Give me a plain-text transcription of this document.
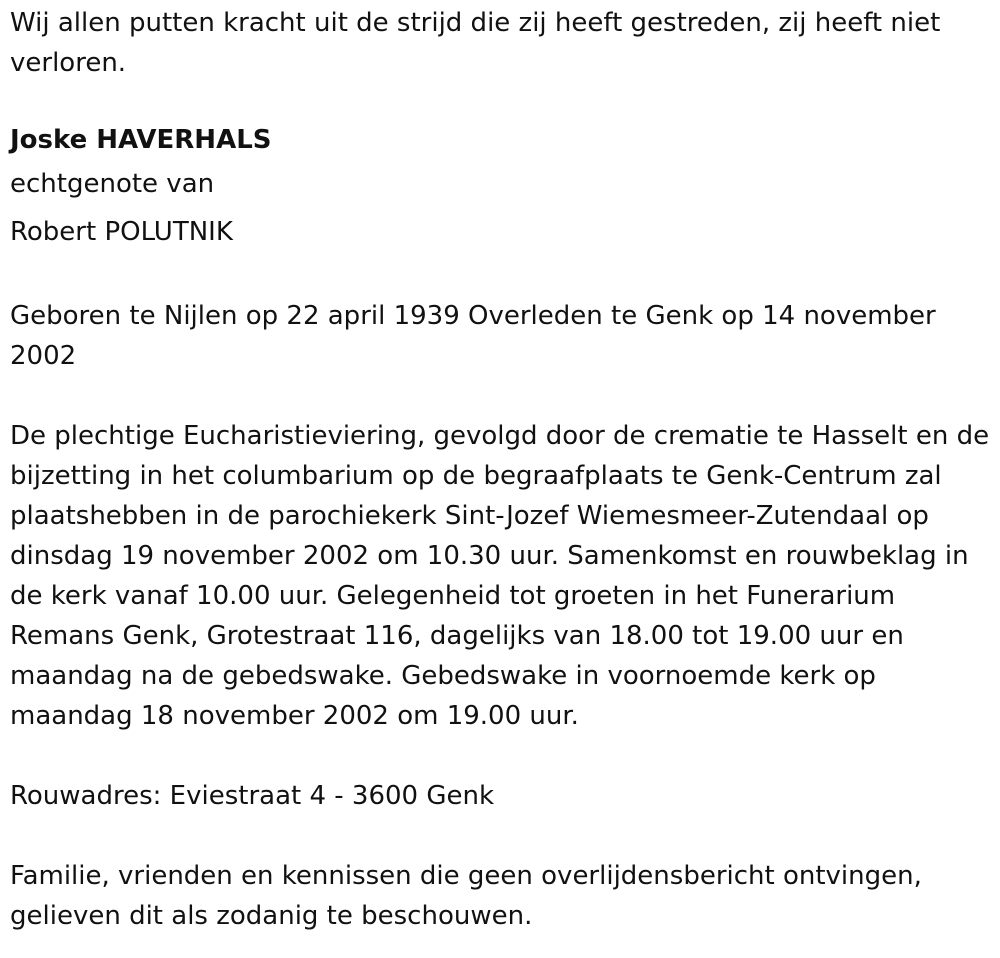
Wij allen putten kracht uit de strijd die zij heeft gestreden, zij heeft niet verloren.

Joske HAVERHALS

echtgenote van

Robert POLUTNIK

Geboren te Nijlen op 22 april 1939 Overleden te Genk op 14 november 2002

De plechtige Eucharistieviering, gevolgd door de crematie te Hasselt en de bijzetting in het columbarium op de begraafplaats te Genk-Centrum zal plaatshebben in de parochiekerk Sint-Jozef Wiemesmeer-Zutendaal op dinsdag 19 november 2002 om 10.30 uur. Samenkomst en rouwbeklag in de kerk vanaf 10.00 uur. Gelegenheid tot groeten in het Funerarium Remans Genk, Grotestraat 116, dagelijks van 18.00 tot 19.00 uur en maandag na de gebedswake. Gebedswake in voornoemde kerk op maandag 18 november 2002 om 19.00 uur.

Rouwadres: Eviestraat 4 - 3600 Genk

Familie, vrienden en kennissen die geen overlijdensbericht ontvingen, gelieven dit als zodanig te beschouwen.
